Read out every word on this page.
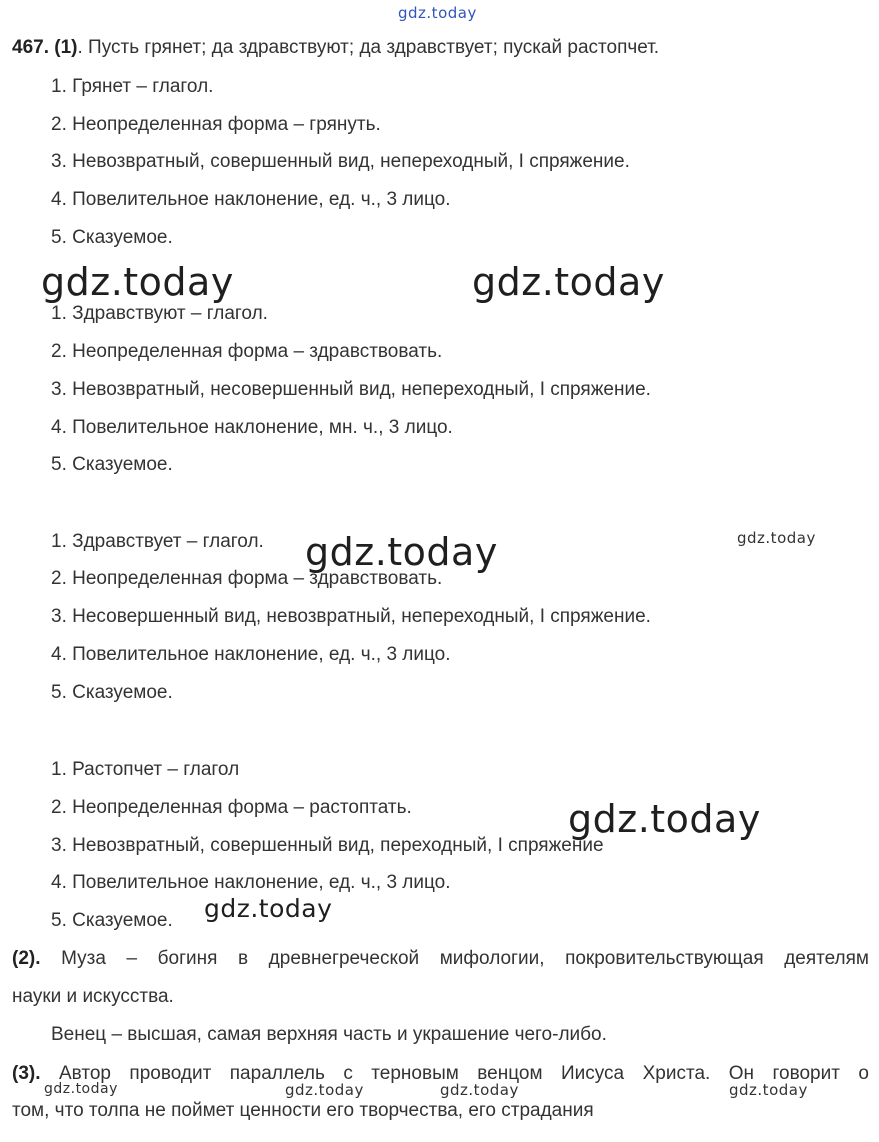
467. (1). Пусть грянет; да здравствуют; да здравствует; пускай растопчет.
1. Грянет – глагол.
2. Неопределенная форма – грянуть.
3. Невозвратный, совершенный вид, непереходный, I спряжение.
4. Повелительное наклонение, ед. ч., 3 лицо.
5. Сказуемое.
1. Здравствуют – глагол.
2. Неопределенная форма – здравствовать.
3. Невозвратный, несовершенный вид, непереходный, I спряжение.
4. Повелительное наклонение, мн. ч., 3 лицо.
5. Сказуемое.
1. Здравствует – глагол.
2. Неопределенная форма – здравствовать.
3. Несовершенный вид, невозвратный, непереходный, I спряжение.
4. Повелительное наклонение, ед. ч., 3 лицо.
5. Сказуемое.
1. Растопчет – глагол
2. Неопределенная форма – растоптать.
3. Невозвратный, совершенный вид, переходный, I спряжение
4. Повелительное наклонение, ед. ч., 3 лицо.
5. Сказуемое.
(2). Муза – богиня в древнегреческой мифологии, покровительствующая деятелям
науки и искусства.
Венец – высшая, самая верхняя часть и украшение чего-либо.
(3). Автор проводит параллель с терновым венцом Иисуса Христа. Он говорит о
том, что толпа не поймет ценности его творчества, его страдания
gdz.today
gdz.today	gdz.today
gdz.today	gdz.today
gdz.today
gdz.today
gdz.today	gdz.today	gdz.today	gdz.today
